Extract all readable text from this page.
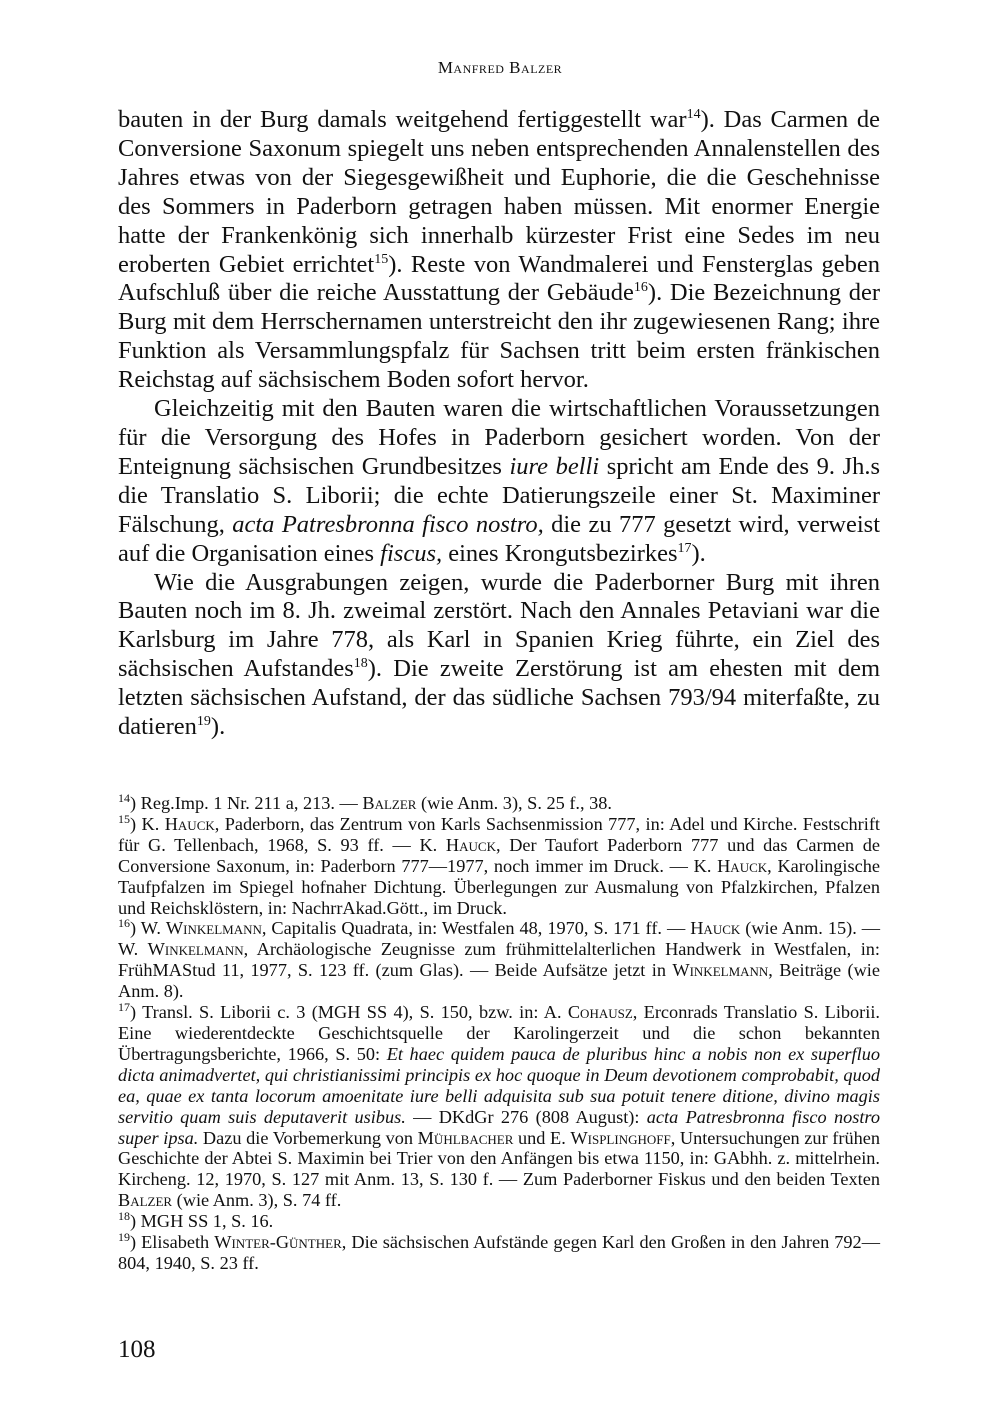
Manfred Balzer

bauten in der Burg damals weitgehend fertiggestellt war$^{14}$). Das Carmen de Conversione Saxonum spiegelt uns neben entsprechenden Annalenstellen des Jahres etwas von der Siegesgewißheit und Euphorie, die die Geschehnisse des Sommers in Paderborn getragen haben müssen. Mit enormer Energie hatte der Frankenkönig sich innerhalb kürzester Frist eine Sedes im neu eroberten Gebiet errichtet$^{15}$). Reste von Wandmalerei und Fensterglas geben Aufschluß über die reiche Ausstattung der Gebäude$^{16}$). Die Bezeichnung der Burg mit dem Herrschernamen unterstreicht den ihr zugewiesenen Rang; ihre Funktion als Versammlungspfalz für Sachsen tritt beim ersten fränkischen Reichstag auf sächsischem Boden sofort hervor.

Gleichzeitig mit den Bauten waren die wirtschaftlichen Voraussetzungen für die Versorgung des Hofes in Paderborn gesichert worden. Von der Enteignung sächsischen Grundbesitzes iure belli spricht am Ende des 9. Jh.s die Translatio S. Liborii; die echte Datierungszeile einer St. Maximiner Fälschung, acta Patresbronna fisco nostro, die zu 777 gesetzt wird, verweist auf die Organisation eines fiscus, eines Krongutsbezirkes$^{17}$).

Wie die Ausgrabungen zeigen, wurde die Paderborner Burg mit ihren Bauten noch im 8. Jh. zweimal zerstört. Nach den Annales Petaviani war die Karlsburg im Jahre 778, als Karl in Spanien Krieg führte, ein Ziel des sächsischen Aufstandes$^{18}$). Die zweite Zerstörung ist am ehesten mit dem letzten sächsischen Aufstand, der das südliche Sachsen 793/94 miterfaßte, zu datieren$^{19}$).

$^{14}$) Reg.Imp. 1 Nr. 211 a, 213. — Balzer (wie Anm. 3), S. 25 f., 38.

$^{15}$) K. Hauck, Paderborn, das Zentrum von Karls Sachsenmission 777, in: Adel und Kirche. Festschrift für G. Tellenbach, 1968, S. 93 ff. — K. Hauck, Der Taufort Paderborn 777 und das Carmen de Conversione Saxonum, in: Paderborn 777—1977, noch immer im Druck. — K. Hauck, Karolingische Taufpfalzen im Spiegel hofnaher Dichtung. Überlegungen zur Ausmalung von Pfalzkirchen, Pfalzen und Reichsklöstern, in: NachrrAkad.Gött., im Druck.

$^{16}$) W. Winkelmann, Capitalis Quadrata, in: Westfalen 48, 1970, S. 171 ff. — Hauck (wie Anm. 15). — W. Winkelmann, Archäologische Zeugnisse zum frühmittelalterlichen Handwerk in Westfalen, in: FrühMAStud 11, 1977, S. 123 ff. (zum Glas). — Beide Aufsätze jetzt in Winkelmann, Beiträge (wie Anm. 8).

$^{17}$) Transl. S. Liborii c. 3 (MGH SS 4), S. 150, bzw. in: A. Cohausz, Erconrads Translatio S. Liborii. Eine wiederentdeckte Geschichtsquelle der Karolingerzeit und die schon bekannten Übertragungsberichte, 1966, S. 50: Et haec quidem pauca de pluribus hinc a nobis non ex superfluo dicta animadvertet, qui christianissimi principis ex hoc quoque in Deum devotionem comprobabit, quod ea, quae ex tanta locorum amoenitate iure belli adquisita sub sua potuit tenere ditione, divino magis servitio quam suis deputaverit usibus. — DKdGr 276 (808 August): acta Patresbronna fisco nostro super ipsa. Dazu die Vorbemerkung von Mühlbacher und E. Wisplinghoff, Untersuchungen zur frühen Geschichte der Abtei S. Maximin bei Trier von den Anfängen bis etwa 1150, in: GAbhh. z. mittelrhein. Kircheng. 12, 1970, S. 127 mit Anm. 13, S. 130 f. — Zum Paderborner Fiskus und den beiden Texten Balzer (wie Anm. 3), S. 74 ff.

$^{18}$) MGH SS 1, S. 16.

$^{19}$) Elisabeth Winter-Günther, Die sächsischen Aufstände gegen Karl den Großen in den Jahren 792—804, 1940, S. 23 ff.

108
